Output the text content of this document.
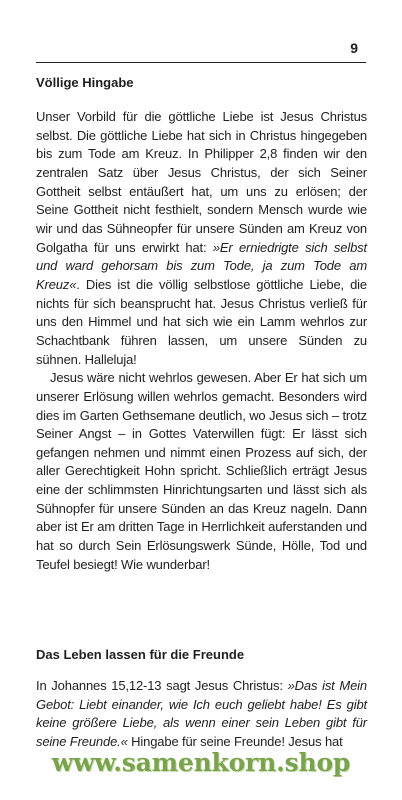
9
Völlige Hingabe

Unser Vorbild für die göttliche Liebe ist Jesus Christus selbst. Die göttliche Liebe hat sich in Christus hingegeben bis zum Tode am Kreuz. In Philipper 2,8 finden wir den zentralen Satz über Jesus Christus, der sich Seiner Gottheit selbst entäußert hat, um uns zu erlösen; der Seine Gottheit nicht festhielt, sondern Mensch wurde wie wir und das Sühneopfer für unsere Sünden am Kreuz von Golgatha für uns erwirkt hat: »Er erniedrigte sich selbst und ward gehorsam bis zum Tode, ja zum Tode am Kreuz«. Dies ist die völlig selbstlose göttliche Liebe, die nichts für sich beansprucht hat. Jesus Christus verließ für uns den Himmel und hat sich wie ein Lamm wehrlos zur Schachtbank führen lassen, um unsere Sünden zu sühnen. Halleluja!

Jesus wäre nicht wehrlos gewesen. Aber Er hat sich um unserer Erlösung willen wehrlos gemacht. Besonders wird dies im Garten Gethsemane deutlich, wo Jesus sich – trotz Seiner Angst – in Gottes Vaterwillen fügt: Er lässt sich gefangen nehmen und nimmt einen Prozess auf sich, der aller Gerechtigkeit Hohn spricht. Schließlich erträgt Jesus eine der schlimmsten Hinrichtungsarten und lässt sich als Sühnopfer für unsere Sünden an das Kreuz nageln. Dann aber ist Er am dritten Tage in Herrlichkeit auferstanden und hat so durch Sein Erlösungswerk Sünde, Hölle, Tod und Teufel besiegt! Wie wunderbar!

Das Leben lassen für die Freunde

In Johannes 15,12-13 sagt Jesus Christus: »Das ist Mein Gebot: Liebt einander, wie Ich euch geliebt habe! Es gibt keine größere Liebe, als wenn einer sein Leben gibt für seine Freunde.« Hingabe für seine Freunde! Jesus hat

www.samenkorn.shop
